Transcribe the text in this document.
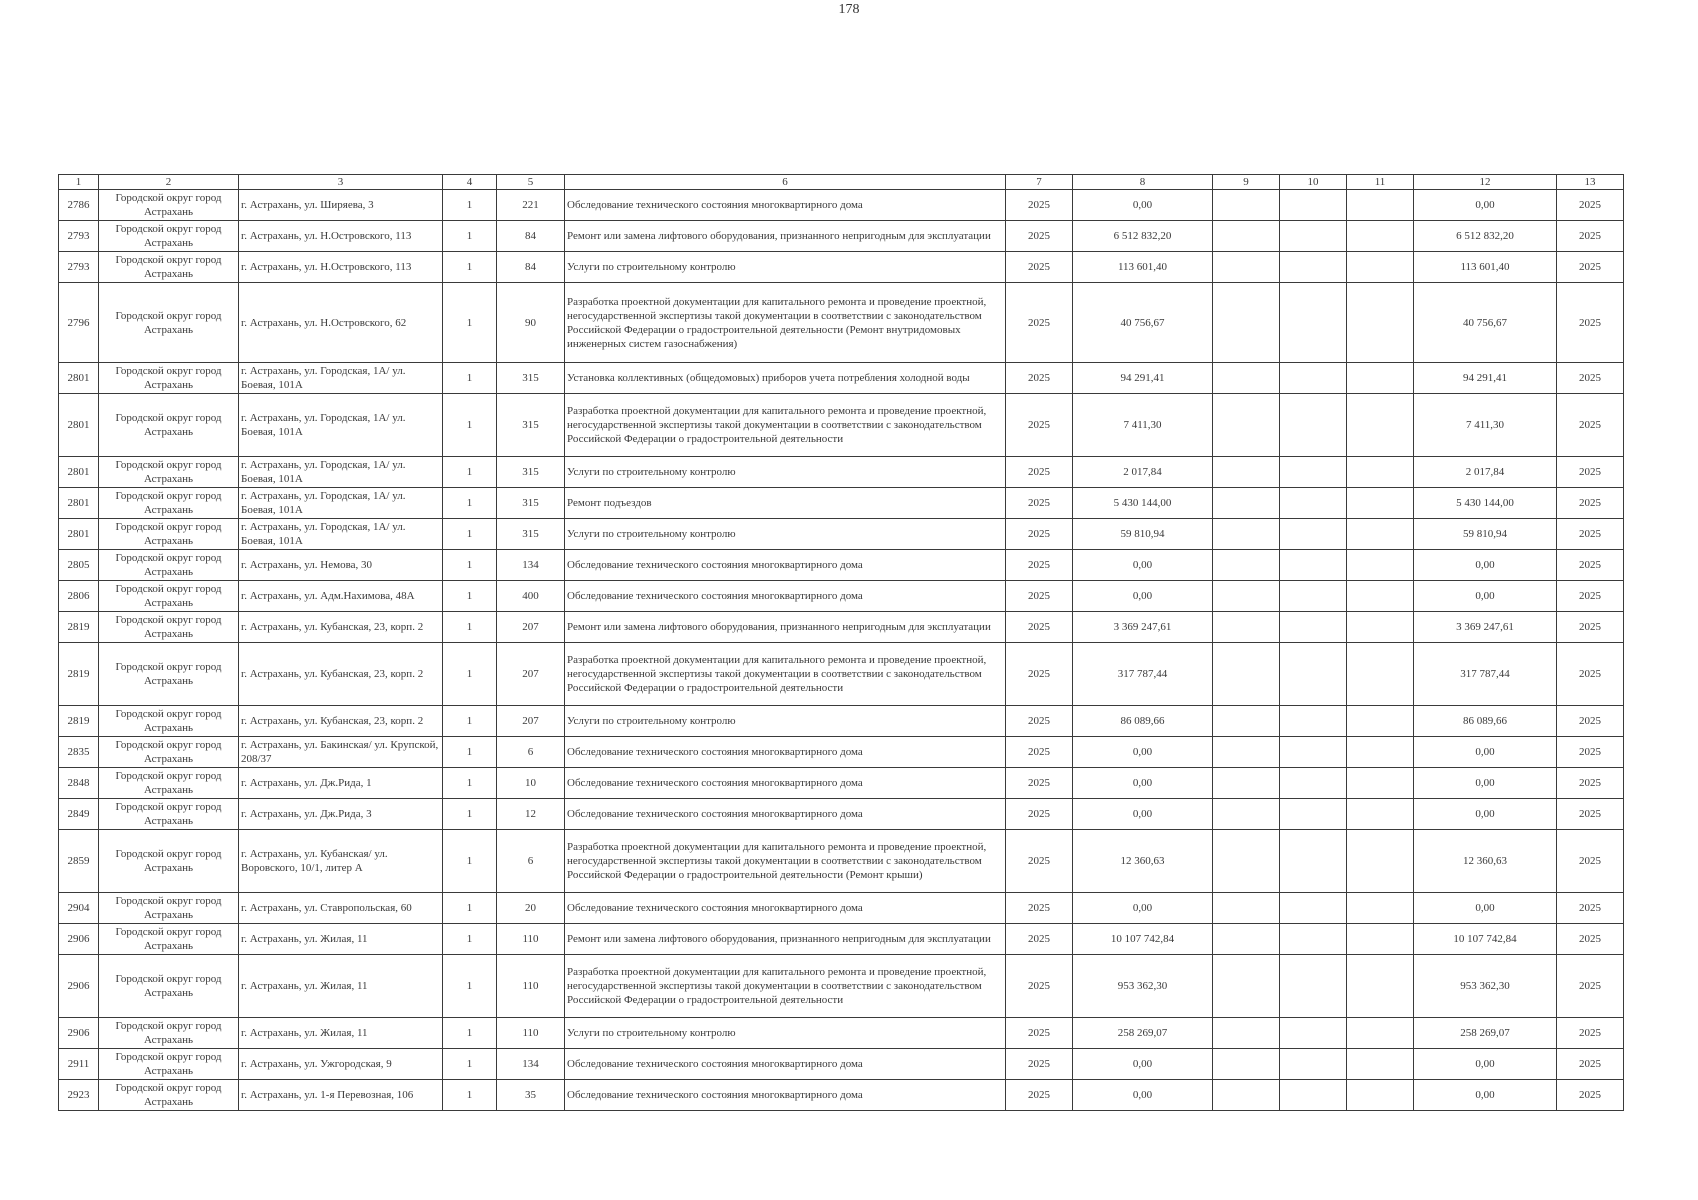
178
1	2	3	4	5	6	7	8	9	10	11	12	13
2786	Городской округ город Астрахань	г. Астрахань, ул. Ширяева, 3	1	221	Обследование технического состояния многоквартирного дома	2025	0,00				0,00	2025
2793	Городской округ город Астрахань	г. Астрахань, ул. Н.Островского, 113	1	84	Ремонт или замена лифтового оборудования, признанного непригодным для эксплуатации	2025	6 512 832,20				6 512 832,20	2025
2793	Городской округ город Астрахань	г. Астрахань, ул. Н.Островского, 113	1	84	Услуги по строительному контролю	2025	113 601,40				113 601,40	2025
2796	Городской округ город Астрахань	г. Астрахань, ул. Н.Островского, 62	1	90	Разработка проектной документации для капитального ремонта и проведение проектной, негосударственной экспертизы такой документации в соответствии с законодательством Российской Федерации о градостроительной деятельности (Ремонт внутридомовых инженерных систем газоснабжения)	2025	40 756,67				40 756,67	2025
2801	Городской округ город Астрахань	г. Астрахань, ул. Городская, 1А/ ул. Боевая, 101А	1	315	Установка коллективных (общедомовых) приборов учета потребления холодной воды	2025	94 291,41				94 291,41	2025
2801	Городской округ город Астрахань	г. Астрахань, ул. Городская, 1А/ ул. Боевая, 101А	1	315	Разработка проектной документации для капитального ремонта и проведение проектной, негосударственной экспертизы такой документации в соответствии с законодательством Российской Федерации о градостроительной деятельности	2025	7 411,30				7 411,30	2025
2801	Городской округ город Астрахань	г. Астрахань, ул. Городская, 1А/ ул. Боевая, 101А	1	315	Услуги по строительному контролю	2025	2 017,84				2 017,84	2025
2801	Городской округ город Астрахань	г. Астрахань, ул. Городская, 1А/ ул. Боевая, 101А	1	315	Ремонт подъездов	2025	5 430 144,00				5 430 144,00	2025
2801	Городской округ город Астрахань	г. Астрахань, ул. Городская, 1А/ ул. Боевая, 101А	1	315	Услуги по строительному контролю	2025	59 810,94				59 810,94	2025
2805	Городской округ город Астрахань	г. Астрахань, ул. Немова, 30	1	134	Обследование технического состояния многоквартирного дома	2025	0,00				0,00	2025
2806	Городской округ город Астрахань	г. Астрахань, ул. Адм.Нахимова, 48А	1	400	Обследование технического состояния многоквартирного дома	2025	0,00				0,00	2025
2819	Городской округ город Астрахань	г. Астрахань, ул. Кубанская, 23, корп. 2	1	207	Ремонт или замена лифтового оборудования, признанного непригодным для эксплуатации	2025	3 369 247,61				3 369 247,61	2025
2819	Городской округ город Астрахань	г. Астрахань, ул. Кубанская, 23, корп. 2	1	207	Разработка проектной документации для капитального ремонта и проведение проектной, негосударственной экспертизы такой документации в соответствии с законодательством Российской Федерации о градостроительной деятельности	2025	317 787,44				317 787,44	2025
2819	Городской округ город Астрахань	г. Астрахань, ул. Кубанская, 23, корп. 2	1	207	Услуги по строительному контролю	2025	86 089,66				86 089,66	2025
2835	Городской округ город Астрахань	г. Астрахань, ул. Бакинская/ ул. Крупской, 208/37	1	6	Обследование технического состояния многоквартирного дома	2025	0,00				0,00	2025
2848	Городской округ город Астрахань	г. Астрахань, ул. Дж.Рида, 1	1	10	Обследование технического состояния многоквартирного дома	2025	0,00				0,00	2025
2849	Городской округ город Астрахань	г. Астрахань, ул. Дж.Рида, 3	1	12	Обследование технического состояния многоквартирного дома	2025	0,00				0,00	2025
2859	Городской округ город Астрахань	г. Астрахань, ул. Кубанская/ ул. Воровского, 10/1, литер А	1	6	Разработка проектной документации для капитального ремонта и проведение проектной, негосударственной экспертизы такой документации в соответствии с законодательством Российской Федерации о градостроительной деятельности (Ремонт крыши)	2025	12 360,63				12 360,63	2025
2904	Городской округ город Астрахань	г. Астрахань, ул. Ставропольская, 60	1	20	Обследование технического состояния многоквартирного дома	2025	0,00				0,00	2025
2906	Городской округ город Астрахань	г. Астрахань, ул. Жилая, 11	1	110	Ремонт или замена лифтового оборудования, признанного непригодным для эксплуатации	2025	10 107 742,84				10 107 742,84	2025
2906	Городской округ город Астрахань	г. Астрахань, ул. Жилая, 11	1	110	Разработка проектной документации для капитального ремонта и проведение проектной, негосударственной экспертизы такой документации в соответствии с законодательством Российской Федерации о градостроительной деятельности	2025	953 362,30				953 362,30	2025
2906	Городской округ город Астрахань	г. Астрахань, ул. Жилая, 11	1	110	Услуги по строительному контролю	2025	258 269,07				258 269,07	2025
2911	Городской округ город Астрахань	г. Астрахань, ул. Ужгородская, 9	1	134	Обследование технического состояния многоквартирного дома	2025	0,00				0,00	2025
2923	Городской округ город Астрахань	г. Астрахань, ул. 1-я Перевозная, 106	1	35	Обследование технического состояния многоквартирного дома	2025	0,00				0,00	2025
